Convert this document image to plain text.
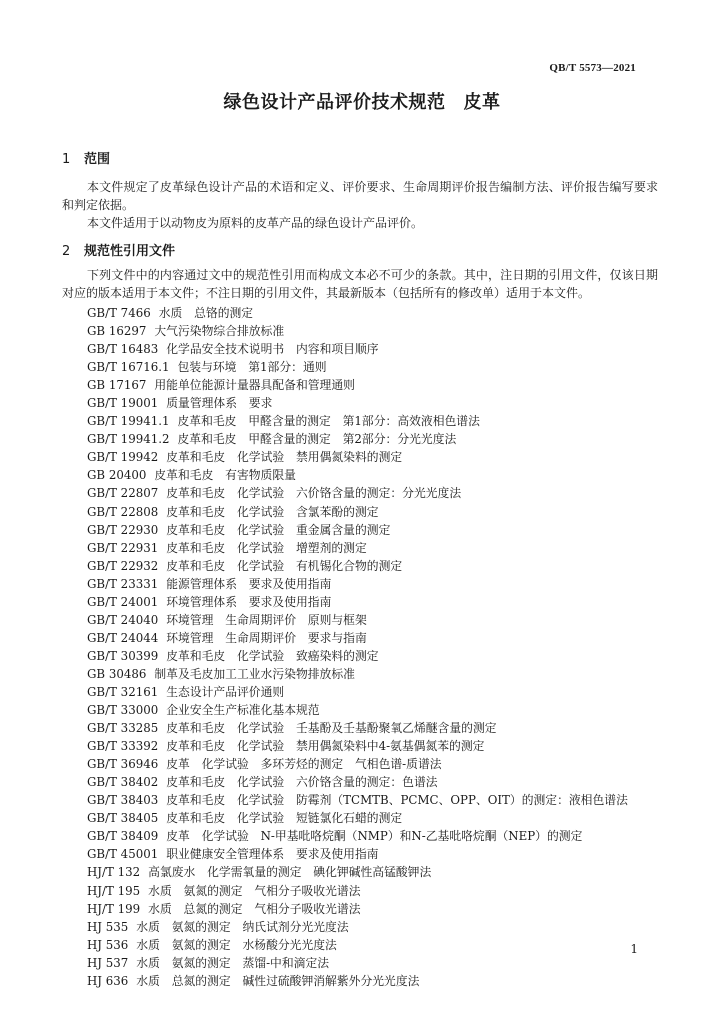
QB/T 5573—2021
绿色设计产品评价技术规范 皮革
1 范围

本文件规定了皮革绿色设计产品的术语和定义、评价要求、生命周期评价报告编制方法、评价报告编写要求和判定依据。

本文件适用于以动物皮为原料的皮革产品的绿色设计产品评价。

2 规范性引用文件

下列文件中的内容通过文中的规范性引用而构成文本必不可少的条款。其中，注日期的引用文件，仅该日期对应的版本适用于本文件；不注日期的引用文件，其最新版本（包括所有的修改单）适用于本文件。

GB/T 7466 水质　总铬的测定
GB 16297 大气污染物综合排放标准
GB/T 16483 化学品安全技术说明书　内容和项目顺序
GB/T 16716.1 包装与环境　第1部分：通则
GB 17167 用能单位能源计量器具配备和管理通则
GB/T 19001 质量管理体系　要求
GB/T 19941.1 皮革和毛皮　甲醛含量的测定　第1部分：高效液相色谱法
GB/T 19941.2 皮革和毛皮　甲醛含量的测定　第2部分：分光光度法
GB/T 19942 皮革和毛皮　化学试验　禁用偶氮染料的测定
GB 20400 皮革和毛皮　有害物质限量
GB/T 22807 皮革和毛皮　化学试验　六价铬含量的测定：分光光度法
GB/T 22808 皮革和毛皮　化学试验　含氯苯酚的测定
GB/T 22930 皮革和毛皮　化学试验　重金属含量的测定
GB/T 22931 皮革和毛皮　化学试验　增塑剂的测定
GB/T 22932 皮革和毛皮　化学试验　有机锡化合物的测定
GB/T 23331 能源管理体系　要求及使用指南
GB/T 24001 环境管理体系　要求及使用指南
GB/T 24040 环境管理　生命周期评价　原则与框架
GB/T 24044 环境管理　生命周期评价　要求与指南
GB/T 30399 皮革和毛皮　化学试验　致癌染料的测定
GB 30486 制革及毛皮加工工业水污染物排放标准
GB/T 32161 生态设计产品评价通则
GB/T 33000 企业安全生产标准化基本规范
GB/T 33285 皮革和毛皮　化学试验　壬基酚及壬基酚聚氧乙烯醚含量的测定
GB/T 33392 皮革和毛皮　化学试验　禁用偶氮染料中4-氨基偶氮苯的测定
GB/T 36946 皮革　化学试验　多环芳烃的测定　气相色谱-质谱法
GB/T 38402 皮革和毛皮　化学试验　六价铬含量的测定：色谱法
GB/T 38403 皮革和毛皮　化学试验　防霉剂（TCMTB、PCMC、OPP、OIT）的测定：液相色谱法
GB/T 38405 皮革和毛皮　化学试验　短链氯化石蜡的测定
GB/T 38409 皮革　化学试验　N-甲基吡咯烷酮（NMP）和N-乙基吡咯烷酮（NEP）的测定
GB/T 45001 职业健康安全管理体系　要求及使用指南
HJ/T 132 高氯废水　化学需氧量的测定　碘化钾碱性高锰酸钾法
HJ/T 195 水质　氨氮的测定　气相分子吸收光谱法
HJ/T 199 水质　总氮的测定　气相分子吸收光谱法
HJ 535 水质　氨氮的测定　纳氏试剂分光光度法
HJ 536 水质　氨氮的测定　水杨酸分光光度法
HJ 537 水质　氨氮的测定　蒸馏-中和滴定法
HJ 636 水质　总氮的测定　碱性过硫酸钾消解紫外分光光度法
1
